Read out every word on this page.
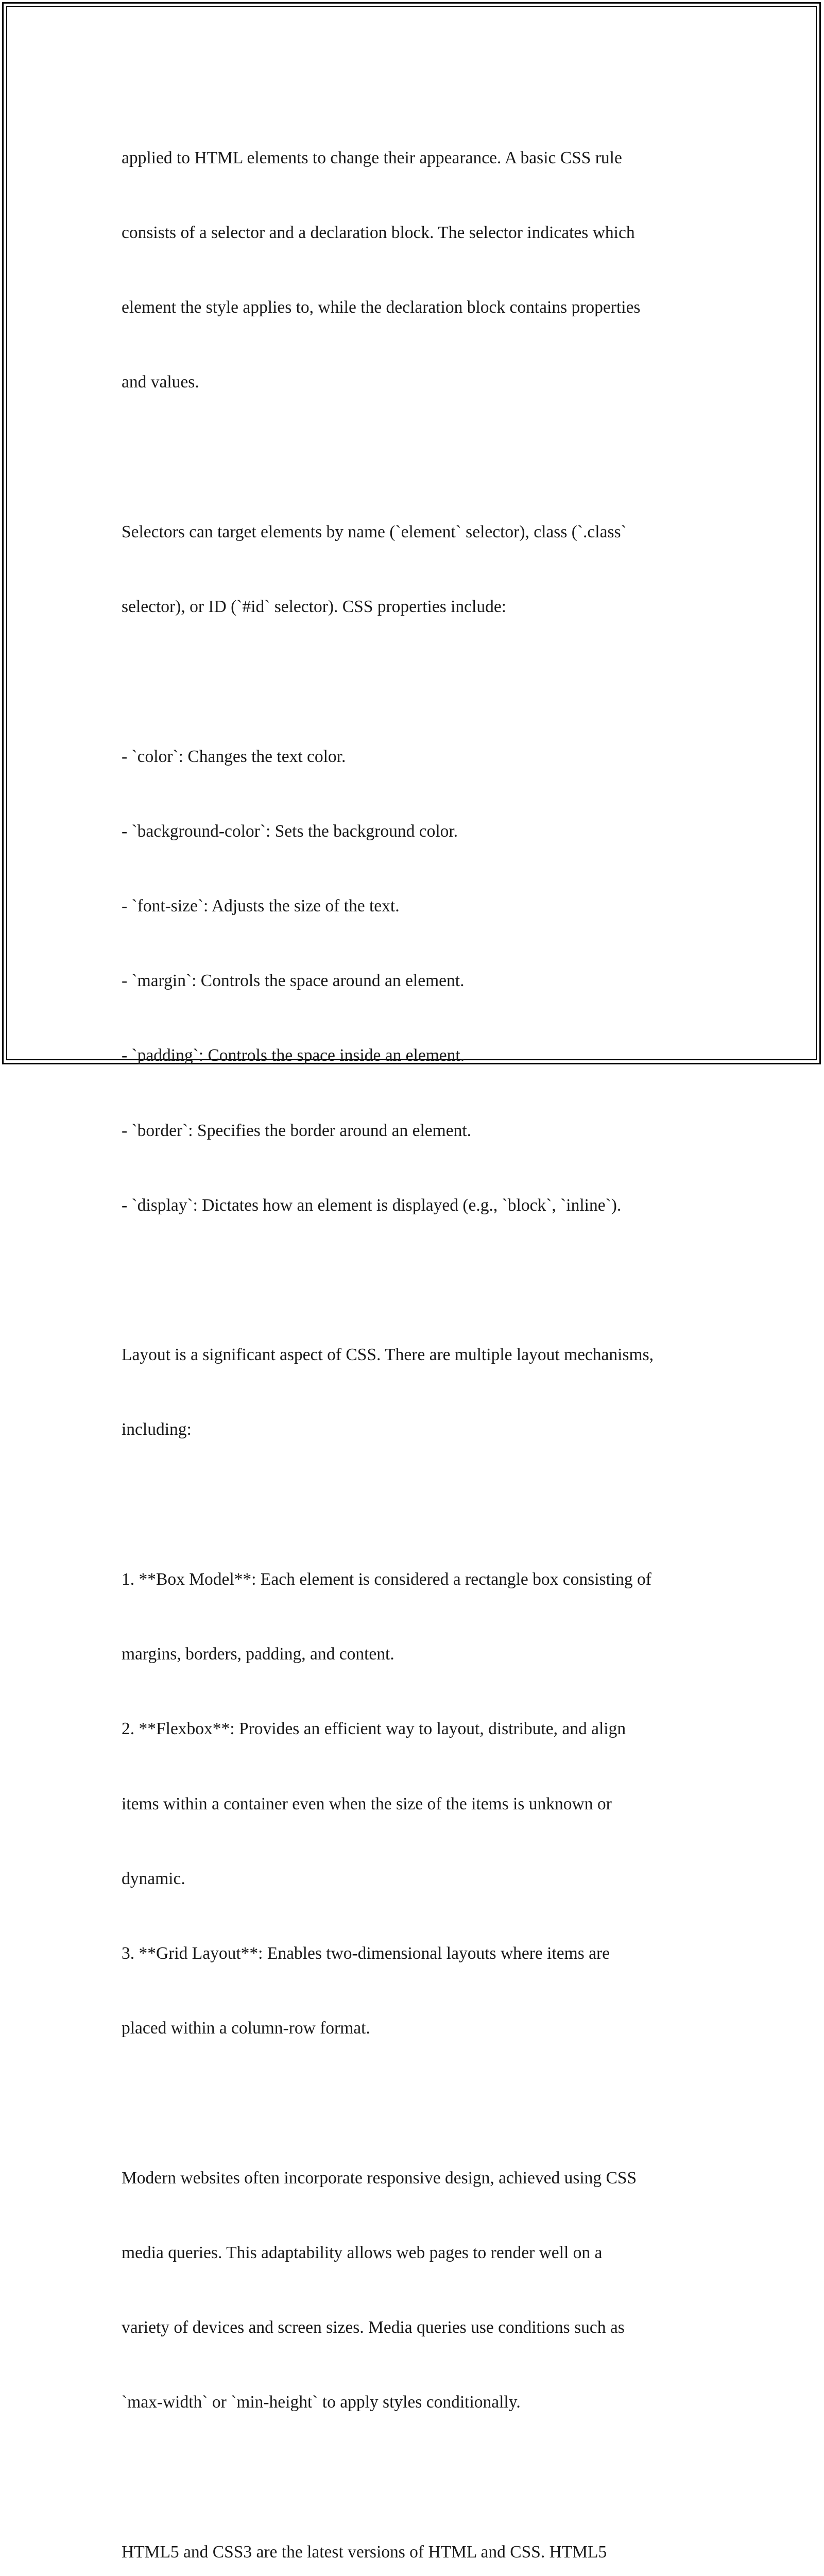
applied to HTML elements to change their appearance. A basic CSS rule

consists of a selector and a declaration block. The selector indicates which

element the style applies to, while the declaration block contains properties

and values.

Selectors can target elements by name (`element` selector), class (`.class`

selector), or ID (`#id` selector). CSS properties include:

- `color`: Changes the text color.

- `background-color`: Sets the background color.

- `font-size`: Adjusts the size of the text.

- `margin`: Controls the space around an element.

- `padding`: Controls the space inside an element.

- `border`: Specifies the border around an element.

- `display`: Dictates how an element is displayed (e.g., `block`, `inline`).

Layout is a significant aspect of CSS. There are multiple layout mechanisms,

including:

1. **Box Model**: Each element is considered a rectangle box consisting of

margins, borders, padding, and content.

2. **Flexbox**: Provides an efficient way to layout, distribute, and align

items within a container even when the size of the items is unknown or

dynamic.

3. **Grid Layout**: Enables two-dimensional layouts where items are

placed within a column-row format.

Modern websites often incorporate responsive design, achieved using CSS

media queries. This adaptability allows web pages to render well on a

variety of devices and screen sizes. Media queries use conditions such as

`max-width` or `min-height` to apply styles conditionally.

HTML5 and CSS3 are the latest versions of HTML and CSS. HTML5
